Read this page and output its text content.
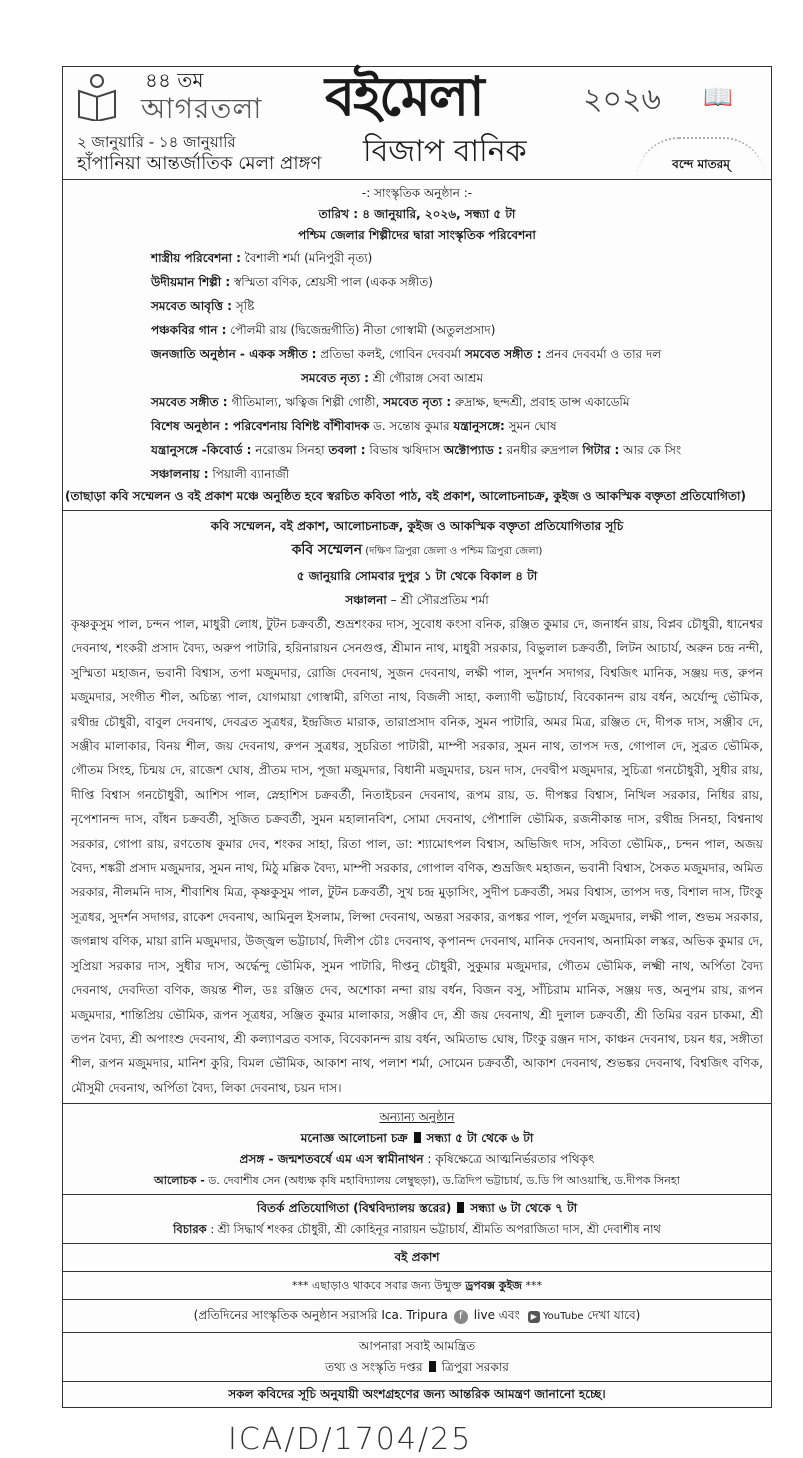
৪৪ তম
আগরতলা
২ জানুয়ারি - ১৪ জানুয়ারি
হাঁপানিয়া আন্তর্জাতিক মেলা প্রাঙ্গণ
বইমেলা	২০২৬ 📖
বিজাপ বানিক	বন্দে মাতরম্
-: সাংস্কৃতিক অনুষ্ঠান :-
তারিখ : ৪ জানুয়ারি, ২০২৬, সন্ধ্যা ৫ টা
পশ্চিম জেলার শিল্পীদের দ্বারা সাংস্কৃতিক পরিবেশনা
শাস্ত্রীয় পরিবেশনা : বৈশালী শর্মা (মনিপুরী নৃত্য)
উদীয়মান শিল্পী : স্বস্মিতা বণিক, শ্রেয়সী পাল (একক সঙ্গীত)
সমবেত আবৃত্তি : সৃষ্টি
পঞ্চকবির গান : পৌলমী রায় (দ্বিজেন্দ্রগীতি) নীতা গোস্বামী (অতুলপ্রসাদ)
জনজাতি অনুষ্ঠান - একক সঙ্গীত : প্রতিভা কলই, গোবিন দেববর্মা সমবেত সঙ্গীত : প্রনব দেববর্মা ও তার দল
সমবেত নৃত্য : শ্রী গৌরাঙ্গ সেবা আশ্রম
সমবেত সঙ্গীত : গীতিমাল্য, ঋত্বিজ শিল্পী গোষ্ঠী, সমবেত নৃত্য : রুদ্রাক্ষ, ছন্দশ্রী, প্রবাহ ডান্স একাডেমি
বিশেষ অনুষ্ঠান : পরিবেশনায় বিশিষ্ট বাঁশীবাদক ড. সন্তোষ কুমার যন্ত্রানুসঙ্গে: সুমন ঘোষ
যন্ত্রানুসঙ্গে -কিবোর্ড : নরোত্তম সিনহা তবলা : বিভাষ ঋষিদাস অক্টোপ্যাড : রনধীর রুদ্রপাল গিটার : আর কে সিং
সঞ্চালনায় : পিয়ালী ব্যানার্জী
(তাছাড়া কবি সম্মেলন ও বই প্রকাশ মঞ্চে অনুষ্ঠিত হবে স্বরচিত কবিতা পাঠ, বই প্রকাশ, আলোচনাচক্র, কুইজ ও আকস্মিক বক্তৃতা প্রতিযোগিতা)
কবি সম্মেলন, বই প্রকাশ, আলোচনাচক্র, কুইজ ও আকস্মিক বক্তৃতা প্রতিযোগিতার সূচি
কবি সম্মেলন (দক্ষিণ ত্রিপুরা জেলা ও পশ্চিম ত্রিপুরা জেলা)
৫ জানুয়ারি সোমবার দুপুর ১ টা থেকে বিকাল ৪ টা
সঞ্চালনা – শ্রী সৌরপ্রতিম শর্মা
কৃষ্ণকুসুম পাল, চন্দন পাল, মাধুরী লোধ, টুটন চক্রবর্তী, শুভ্রশংকর দাস, সুবোধ কংসা বনিক, রঞ্জিত কুমার দে, জনার্ধন রায়, বিপ্লব চৌধুরী, ধানেশ্বর দেবনাথ, শংকরী প্রসাদ বৈদ্য, অরুপ পাটারি, হরিনারায়ন সেনগুপ্ত, শ্রীমান নাথ, মাধুরী সরকার, বিভুলাল চক্রবর্তী, লিটন আচার্য, অরুন চন্দ্র নন্দী, সুস্মিতা মহাজন, ভবানী বিশ্বাস, তপা মজুমদার, রোজি দেবনাথ, সুজন দেবনাথ, লক্ষী পাল, সুদর্শন সদাগর, বিশ্বজিৎ মানিক, সঞ্জয় দত্ত, রুপন মজুমদার, সংগীত শীল, অচিন্ত্য পাল, যোগমায়া গোস্বামী, রণিতা নাথ, বিজলী সাহা, কল্যাণী ভট্টাচার্য, বিবেকানন্দ রায় বর্ধন, অর্যোন্দু ভৌমিক, রথীন্দ্র চৌধুরী, বাবুল দেবনাথ, দেবব্রত সুত্রধর, ইন্দ্রজিত মারাক, তারাপ্রসাদ বনিক, সুমন পাটারি, অমর মিত্র, রঞ্জিত দে, দীপক দাস, সঞ্জীব দে, সঞ্জীব মালাকার, বিনয় শীল, জয় দেবনাথ, রুপন সুত্রধর, সুচরিতা পাটারী, মাম্পী সরকার, সুমন নাথ, তাপস দত্ত, গোপাল দে, সুব্রত ভৌমিক, গৌতম সিংহ, চিন্ময় দে, রাজেশ ঘোষ, প্রীতম দাস, পূজা মজুমদার, বিধানী মজুমদার, চয়ন দাস, দেবদ্বীপ মজুমদার, সুচিত্রা গনচৌধুরী, সুধীর রায়, দীপ্তি বিশ্বাস গনচৌধুরী, আশিস পাল, স্নেহাশিস চক্রবর্তী, নিতাইচরন দেবনাথ, রূপম রায়, ড. দীপঙ্কর বিশ্বাস, নিখিল সরকার, নিধির রায়, নৃপেশানন্দ দাস, বাঁধন চক্রবর্তী, সুজিত চক্রবর্তী, সুমন মহালানবিশ, সোমা দেবনাথ, পৌশালি ভৌমিক, রজনীকান্ত দাস, রথীন্দ্র সিনহা, বিশ্বনাথ সরকার, গোপা রায়, রণতোষ কুমার দেব, শংকর সাহা, রিতা পাল, ডা: শ্যামোৎপল বিশ্বাস, অভিজিৎ দাস, সবিতা ভৌমিক,, চন্দন পাল, অজয় বৈদ্য, শঙ্করী প্রসাদ মজুমদার, সুমন নাথ, মিঠু মল্লিক বৈদ্য, মাম্পী সরকার, গোপাল বণিক, শুভ্রজিৎ মহাজন, ভবানী বিশ্বাস, সৈকত মজুমদার, অমিত সরকার, নীলমনি দাস, শীবাশিষ মিত্র, কৃষ্ণকুসুম পাল, টুটন চক্রবর্তী, সুখ চন্দ্র মুড়াসিং, সুদীপ চক্রবর্তী, সমর বিশ্বাস, তাপস দত্ত, বিশাল দাস, টিংকু সূত্রধর, সুদর্শন সদাগর, রাকেশ দেবনাথ, আমিনুল ইসলাম, লিপ্সা দেবনাথ, অন্তরা সরকার, রূপঙ্কর পাল, পূর্ণল মজুমদার, লক্ষী পাল, শুভম সরকার, জগন্নাথ বণিক, মায়া রানি মজুমদার, উজ্জ্বল ভট্টাচার্য, দিলীপ চৌঃ দেবনাথ, কৃপানন্দ দেবনাথ, মানিক দেবনাথ, অনামিকা লস্কর, অভিক কুমার দে, সুপ্রিয়া সরকার দাস, সুধীর দাস, অর্দ্ধেন্দু ভৌমিক, সুমন পাটারি, দীপ্তনু চৌধুরী, সুকুমার মজুমদার, গৌতম ভৌমিক, লক্ষ্মী নাথ, অর্পিতা বৈদ্য দেবনাথ, দেবদিতা বণিক, জয়ন্ত শীল, ডঃ রঞ্জিত দেব, অশোকা নন্দা রায় বর্ধন, বিজন বসু, সাঁচিরাম মানিক, সঞ্জয় দত্ত, অনুপম রায়, রূপন মজুমদার, শান্তিপ্রিয় ভৌমিক, রূপন সূত্রধর, সঞ্জিত কুমার মালাকার, সঞ্জীব দে, শ্রী জয় দেবনাথ, শ্রী দুলাল চক্রবর্তী, শ্রী তিমির বরন চাকমা, শ্রী তপন বৈদ্য, শ্রী অপাংশু দেবনাথ, শ্রী কল্যাণব্রত বসাক, বিবেকানন্দ রায় বর্ধন, অমিতাভ ঘোষ, টিংকু রঞ্জন দাস, কাঞ্চন দেবনাথ, চয়ন ধর, সঙ্গীতা শীল, রূপন মজুমদার, মানিশ কুরি, বিমল ভৌমিক, আকাশ নাথ, পলাশ শর্মা, সোমেন চক্রবর্তী, আকাশ দেবনাথ, শুভঙ্কর দেবনাথ, বিশ্বজিৎ বণিক, মৌসুমী দেবনাথ, অর্পিতা বৈদ্য, লিকা দেবনাথ, চয়ন দাস।
অন্যান্য অনুষ্ঠান
মনোজ্ঞ আলোচনা চক্র সন্ধ্যা ৫ টা থেকে ৬ টা
প্রসঙ্গ - জন্মশতবর্ষে এম এস স্বামীনাথন : কৃষিক্ষেত্রে আত্মনির্ভরতার পথিকৃৎ
আলোচক - ড. দেবাশীষ সেন (অধ্যক্ষ কৃষি মহাবিদ্যালয় লেম্বুছড়া), ড.ত্রিদিপ ভট্টাচার্য, ড.ডি পি আওয়াস্থি, ড.দীপক সিনহা
বিতর্ক প্রতিযোগিতা (বিশ্ববিদ্যালয় স্তরের) সন্ধ্যা ৬ টা থেকে ৭ টা
বিচারক : শ্রী সিদ্ধার্থ শংকর চৌধুরী, শ্রী কোহিনূর নারায়ন ভট্টাচার্য, শ্রীমতি অপরাজিতা দাস, শ্রী দেবাশীষ নাথ
বই প্রকাশ
*** এছাড়াও থাকবে সবার জন্য উন্মুক্ত ড্রপবক্স কুইজ ***
(প্রতিদিনের সাংস্কৃতিক অনুষ্ঠান সরাসরি Ica. Tripura f live এবং ▶ YouTube দেখা যাবে)
আপনারা সবাই আমন্ত্রিত
তথ্য ও সংস্কৃতি দপ্তর ত্রিপুরা সরকার
সকল কবিদের সূচি অনুযায়ী অংশগ্রহণের জন্য আন্তরিক আমন্ত্রণ জানানো হচ্ছে।
ICA/D/1704/25
